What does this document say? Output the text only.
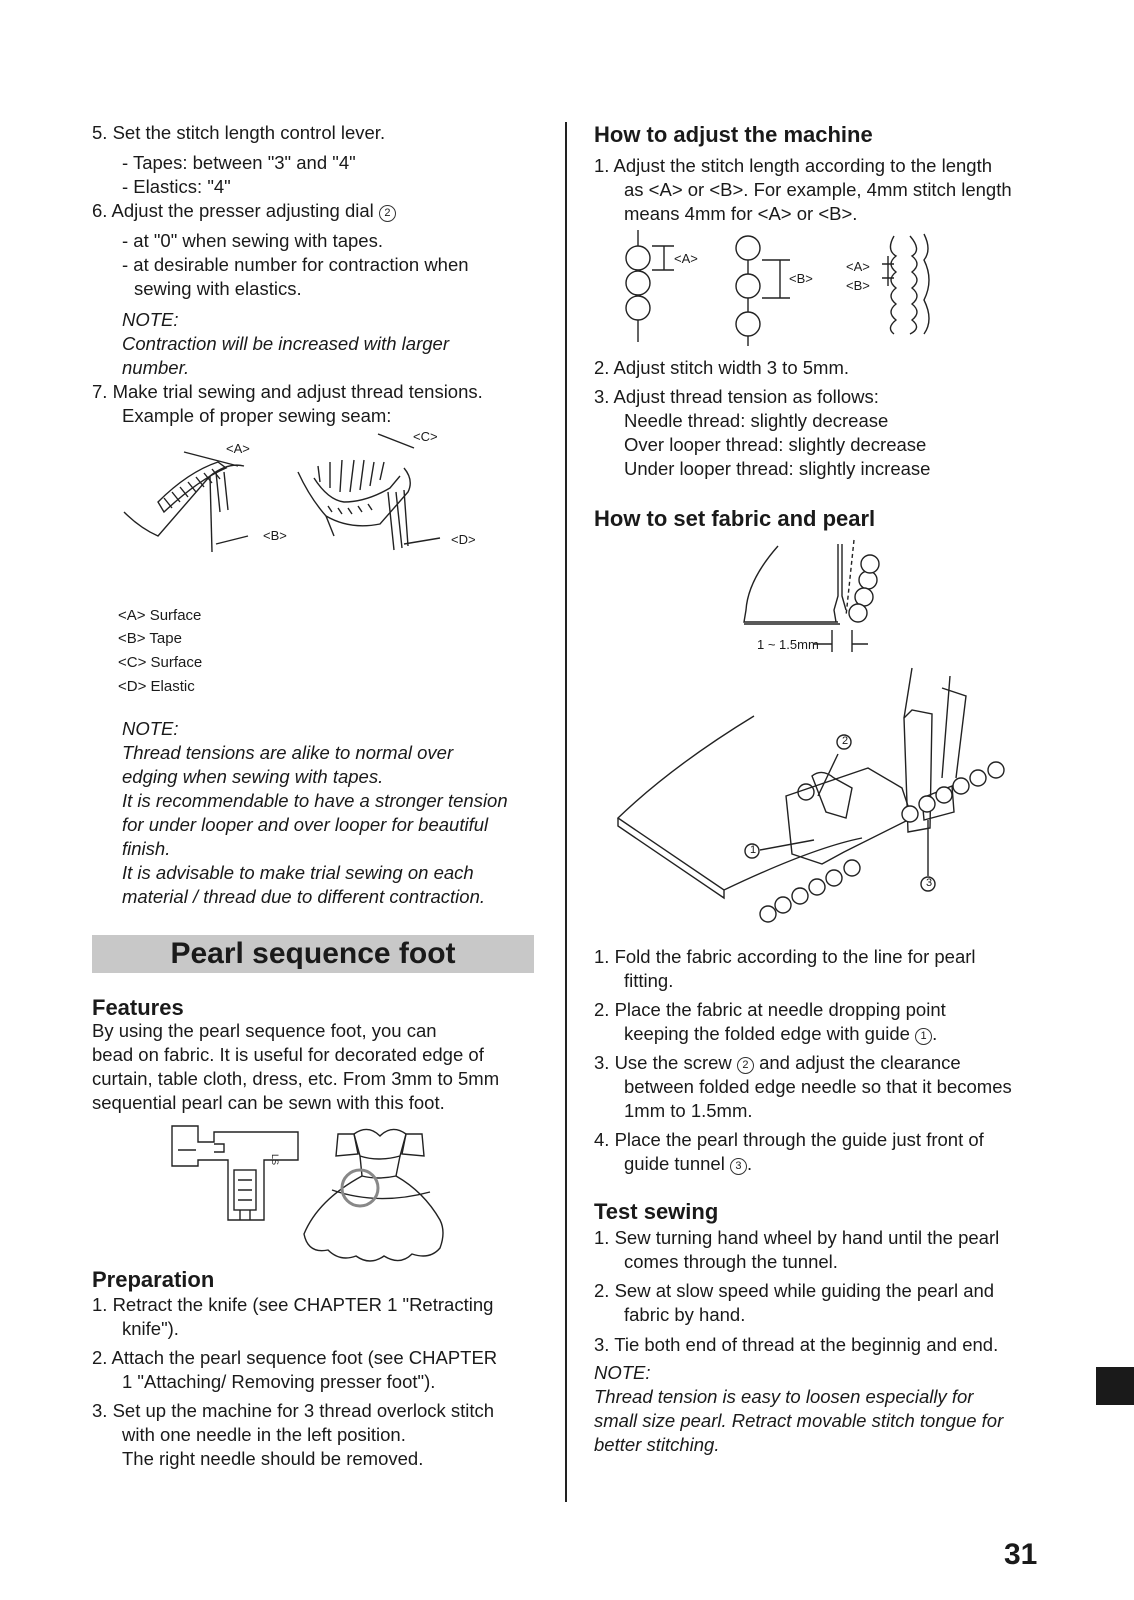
5. Set the stitch length control lever.
- Tapes: between "3" and "4"
- Elastics: "4"
6. Adjust the presser adjusting dial 2
- at "0" when sewing with tapes.
- at desirable number for contraction when
sewing with elastics.
NOTE:
Contraction will be increased with larger
number.
7. Make trial sewing and adjust thread tensions.
Example of proper sewing seam:
<A>
<C>
<B>	<D>
<A> Surface
<B> Tape
<C> Surface
<D> Elastic
NOTE:
Thread tensions are alike to normal over
edging when sewing with tapes.
It is recommendable to have a stronger tension
for under looper and over looper for beautiful
finish.
It is advisable to make trial sewing on each
material / thread due to different contraction.
Pearl sequence foot
Features
By using the pearl sequence foot, you can
bead on fabric. It is useful for decorated edge of
curtain, table cloth, dress, etc. From 3mm to 5mm
sequential pearl can be sewn with this foot.
LS
Preparation
1. Retract the knife (see CHAPTER 1 "Retracting
knife").
2. Attach the pearl sequence foot (see CHAPTER
1 "Attaching/ Removing presser foot").
3. Set up the machine for 3 thread overlock stitch
with one needle in the left position.
The right needle should be removed.
How to adjust the machine
1. Adjust the stitch length according to the length
as <A> or <B>. For example, 4mm stitch length
means 4mm for <A> or <B>.
<A>
<B>
<A>
<B>
2. Adjust stitch width 3 to 5mm.
3. Adjust thread tension as follows:
Needle thread: slightly decrease
Over looper thread: slightly decrease
Under looper thread: slightly increase
How to set fabric and pearl
1 ~ 1.5mm
2
1
3
1. Fold the fabric according to the line for pearl
fitting.
2. Place the fabric at needle dropping point
keeping the folded edge with guide 1 .
3. Use the screw 2 and adjust the clearance
between folded edge needle so that it becomes
1mm to 1.5mm.
4. Place the pearl through the guide just front of
guide tunnel 3 .
Test sewing
1. Sew turning hand wheel by hand until the pearl
comes through the tunnel.
2. Sew at slow speed while guiding the pearl and
fabric by hand.
3. Tie both end of thread at the beginnig and end.
NOTE:
Thread tension is easy to loosen especially for
small size pearl. Retract movable stitch tongue for
better stitching.
31
